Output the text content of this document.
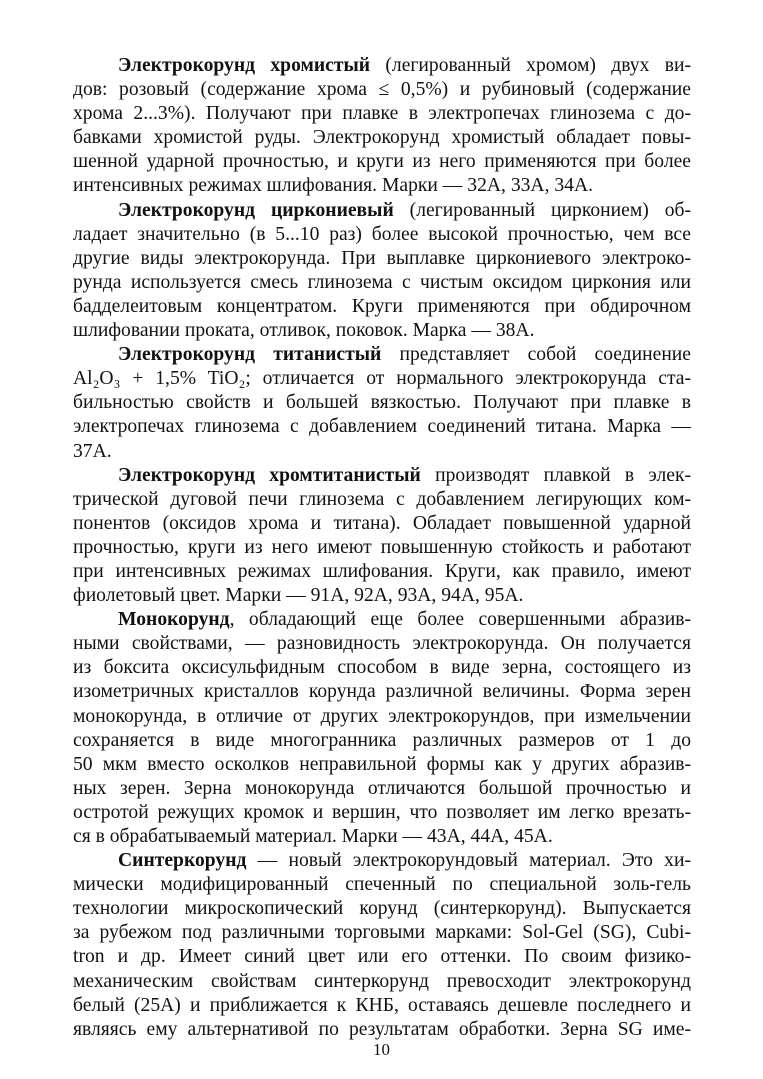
Электрокорунд хромистый (легированный хромом) двух ви-
дов: розовый (содержание хрома ≤ 0,5%) и рубиновый (содержание
хрома 2...3%). Получают при плавке в электропечах глинозема с до-
бавками хромистой руды. Электрокорунд хромистый обладает повы-
шенной ударной прочностью, и круги из него применяются при более
интенсивных режимах шлифования. Марки — 32А, 33А, 34А.
Электрокорунд циркониевый (легированный цирконием) об-
ладает значительно (в 5...10 раз) более высокой прочностью, чем все
другие виды электрокорунда. При выплавке циркониевого электроко-
рунда используется смесь глинозема с чистым оксидом циркония или
бадделеитовым концентратом. Круги применяются при обдирочном
шлифовании проката, отливок, поковок. Марка — 38А.
Электрокорунд титанистый представляет собой соединение
Al₂O₃ + 1,5% TiO₂; отличается от нормального электрокорунда ста-
бильностью свойств и большей вязкостью. Получают при плавке в
электропечах глинозема с добавлением соединений титана. Марка —
37А.
Электрокорунд хромтитанистый производят плавкой в элек-
трической дуговой печи глинозема с добавлением легирующих ком-
понентов (оксидов хрома и титана). Обладает повышенной ударной
прочностью, круги из него имеют повышенную стойкость и работают
при интенсивных режимах шлифования. Круги, как правило, имеют
фиолетовый цвет. Марки — 91А, 92А, 93А, 94А, 95А.
Монокорунд, обладающий еще более совершенными абразив-
ными свойствами, — разновидность электрокорунда. Он получается
из боксита оксисульфидным способом в виде зерна, состоящего из
изометричных кристаллов корунда различной величины. Форма зерен
монокорунда, в отличие от других электрокорундов, при измельчении
сохраняется в виде многогранника различных размеров от 1 до
50 мкм вместо осколков неправильной формы как у других абразив-
ных зерен. Зерна монокорунда отличаются большой прочностью и
остротой режущих кромок и вершин, что позволяет им легко врезать-
ся в обрабатываемый материал. Марки — 43А, 44А, 45А.
Синтеркорунд — новый электрокорундовый материал. Это хи-
мически модифицированный спеченный по специальной золь-гель
технологии микроскопический корунд (синтеркорунд). Выпускается
за рубежом под различными торговыми марками: Sol-Gel (SG), Cubi-
tron и др. Имеет синий цвет или его оттенки. По своим физико-
механическим свойствам синтеркорунд превосходит электрокорунд
белый (25А) и приближается к КНБ, оставаясь дешевле последнего и
являясь ему альтернативой по результатам обработки. Зерна SG име-
10
